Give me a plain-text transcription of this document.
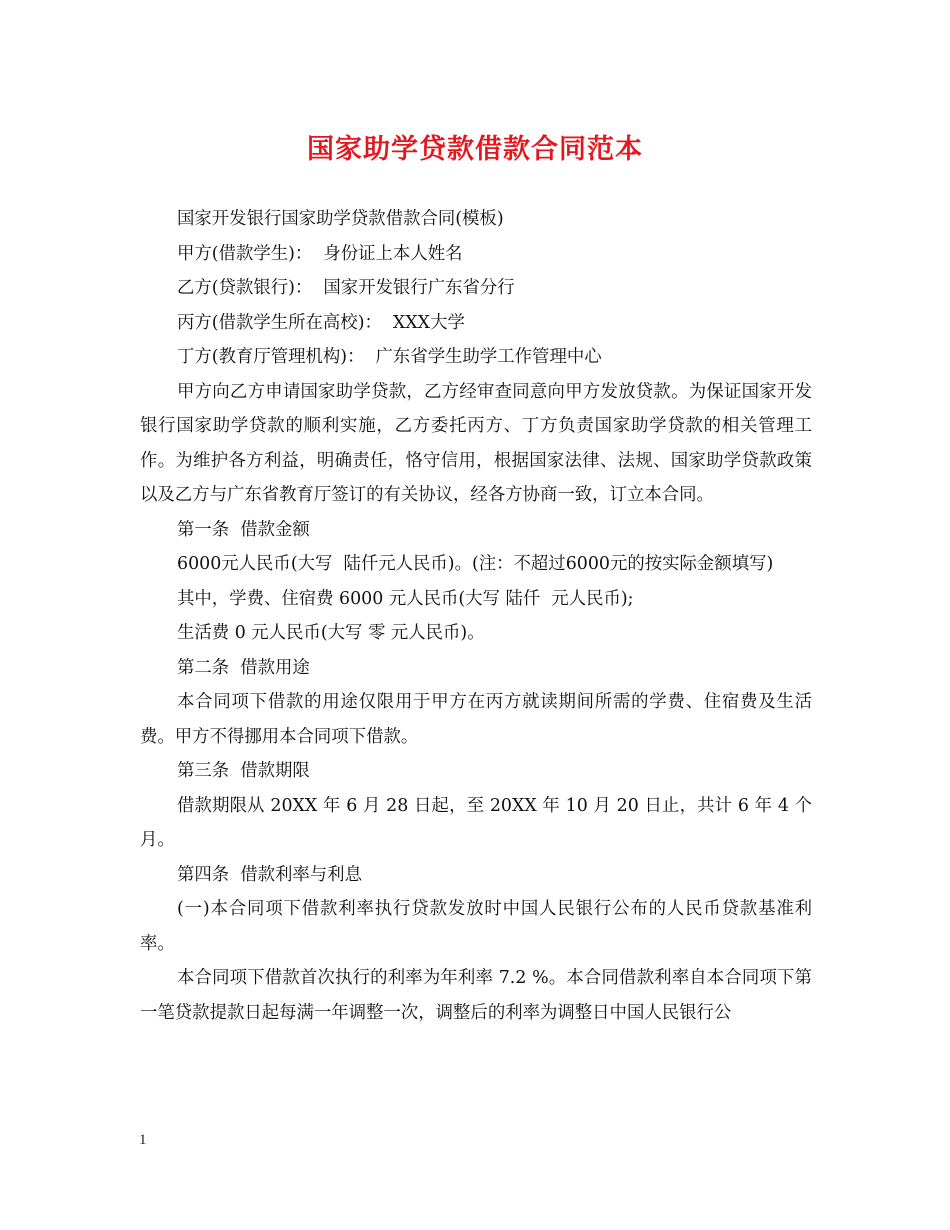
国家助学贷款借款合同范本

国家开发银行国家助学贷款借款合同(模板)

甲方(借款学生)：  身份证上本人姓名

乙方(贷款银行)：  国家开发银行广东省分行

丙方(借款学生所在高校)：  XXX大学

丁方(教育厅管理机构)：  广东省学生助学工作管理中心

甲方向乙方申请国家助学贷款，乙方经审查同意向甲方发放贷款。为保证国家开发银行国家助学贷款的顺利实施，乙方委托丙方、丁方负责国家助学贷款的相关管理工作。为维护各方利益，明确责任，恪守信用，根据国家法律、法规、国家助学贷款政策以及乙方与广东省教育厅签订的有关协议，经各方协商一致，订立本合同。

第一条  借款金额

6000元人民币(大写  陆仟元人民币)。(注：不超过6000元的按实际金额填写)

其中，学费、住宿费 6000 元人民币(大写 陆仟  元人民币);

生活费 0 元人民币(大写 零 元人民币)。

第二条  借款用途

本合同项下借款的用途仅限用于甲方在丙方就读期间所需的学费、住宿费及生活费。甲方不得挪用本合同项下借款。

第三条  借款期限

借款期限从 20XX 年 6 月 28 日起，至 20XX 年 10 月 20 日止，共计 6 年 4 个月。

第四条  借款利率与利息

(一)本合同项下借款利率执行贷款发放时中国人民银行公布的人民币贷款基准利率。

本合同项下借款首次执行的利率为年利率 7.2 %。本合同借款利率自本合同项下第一笔贷款提款日起每满一年调整一次，调整后的利率为调整日中国人民银行公

1
